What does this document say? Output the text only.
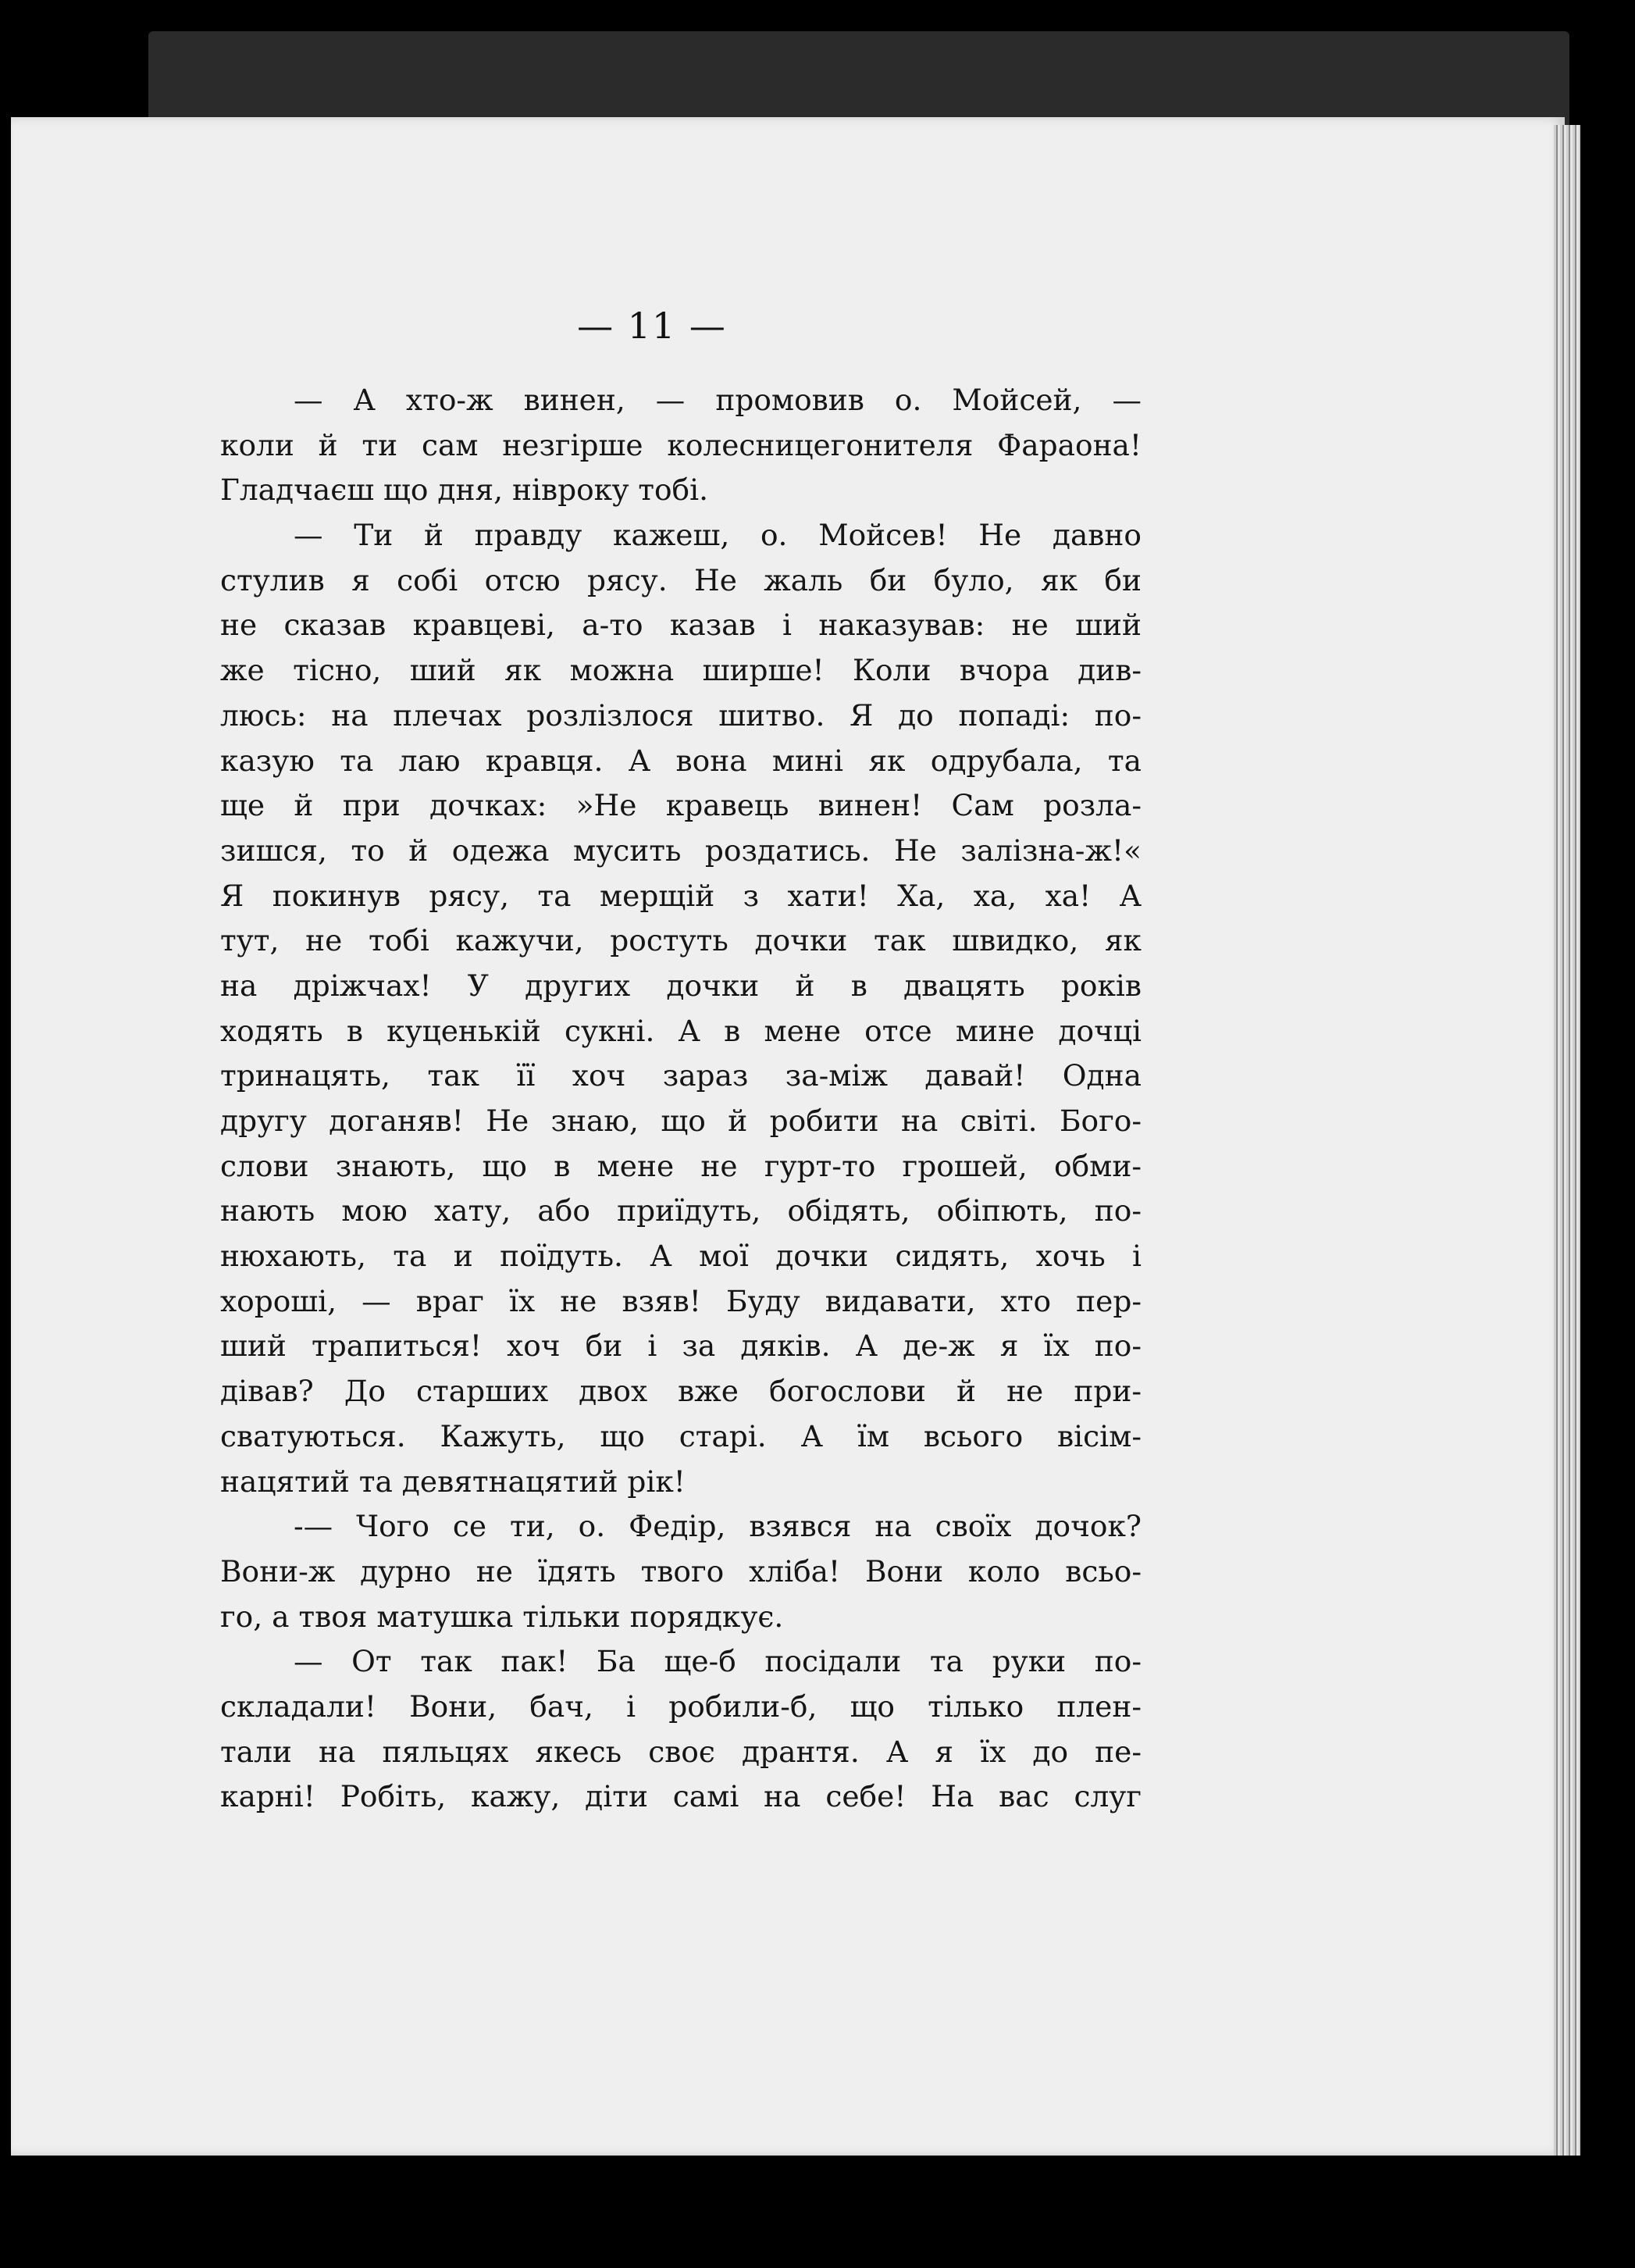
— 11 —
— А хто-ж винен, — промовив о. Мойсей, —
коли й ти сам незгірше колесницегонителя Фараона!
Гладчаєш що дня, ніврокy тобі.
— Ти й правду кажеш, о. Мойсев! Не давно
стулив я собі отсю рясу. Не жаль би було, як би
не сказав кравцеві, а-то казав і наказував: не ший
же тісно, ший як можна ширше! Коли вчора див-
люсь: на плечах розлізлося шитво. Я до попаді: по-
казую та лаю кравця. А вона мині як одрубала, та
ще й при дочках: »Не кравець винен! Сам розла-
зишся, то й одежа мусить роздатись. Не залізна-ж!«
Я покинув рясу, та мерщій з хати! Ха, ха, ха! А
тут, не тобі кажучи, ростуть дочки так швидко, як
на дріжчах! У других дочки й в двацять років
ходять в куценькій сукні. А в мене отсе мине дочці
тринацять, так її хоч зараз за-між давай! Одна
другу доганяв! Не знаю, що й робити на світі. Бого-
слови знають, що в мене не гурт-то грошей, обми-
нають мою хату, або приїдуть, обідять, обіпють, по-
нюхають, та и поїдуть. А мої дочки сидять, хочь і
хороші, — враг їх не взяв! Буду видавати, хто пер-
ший трапиться! хоч би і за дяків. А де-ж я їх по-
дівав? До старших двох вже богослови й не при-
сватуються. Кажуть, що старі. А їм всього вісім-
нацятий та девятнацятий рік!
-— Чого се ти, о. Федір, взявся на своїх дочок?
Вони-ж дурно не їдять твого хліба! Вони коло всьо-
го, а твоя матушка тільки порядкує.
— От так пак! Ба ще-б посідали та руки по-
складали! Вони, бач, і робили-б, що тілько плен-
тали на пяльцях якесь своє дрантя. А я їх до пе-
карні! Робіть, кажу, діти самі на себе! На вас слуг
